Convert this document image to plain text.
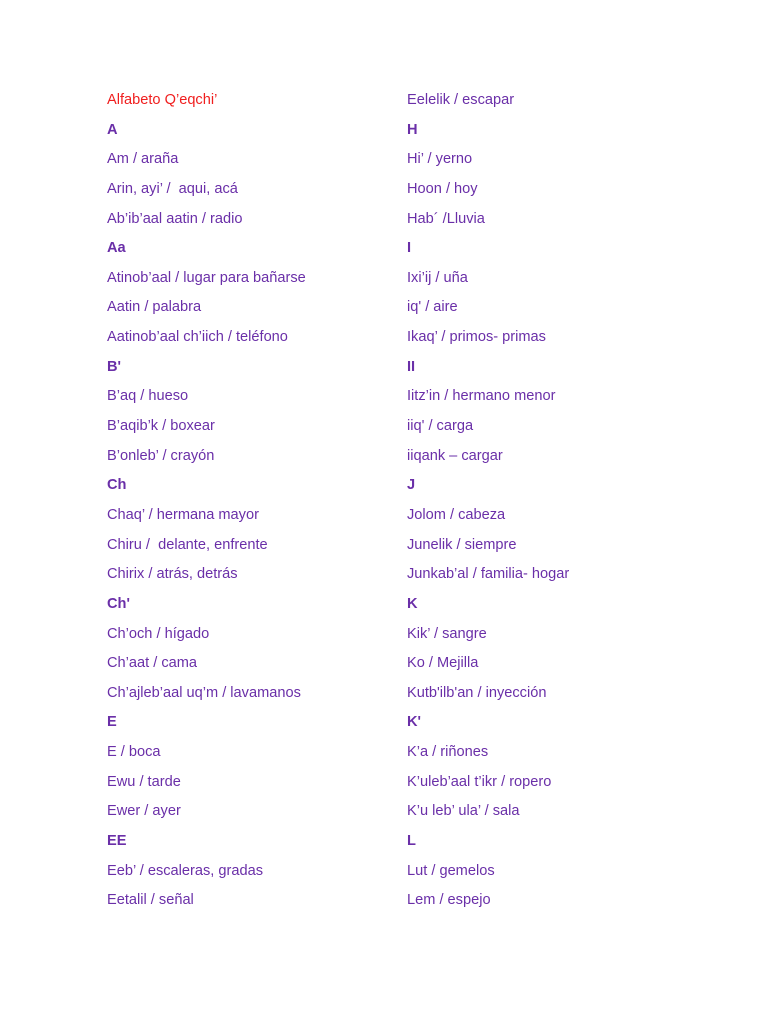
Alfabeto Q’eqchi’
A
Am / araña
Arin, ayi’ /  aqui, acá
Ab’ib’aal aatin / radio
Aa
Atinob’aal / lugar para bañarse
Aatin / palabra
Aatinob’aal ch’iich / teléfono
B'
B’aq / hueso
B’aqib’k / boxear
B’onleb’ / crayón
Ch
Chaq’ / hermana mayor
Chiru /  delante, enfrente
Chirix / atrás, detrás
Ch'
Ch’och / hígado
Ch’aat / cama
Ch’ajleb’aal uq’m / lavamanos
E
E / boca
Ewu / tarde
Ewer / ayer
EE
Eeb’ / escaleras, gradas
Eetalil / señal
Eelelik / escapar
H
Hi’ / yerno
Hoon / hoy
Hab´ /Lluvia
I
Ixi’ij / uña
iq' / aire
Ikaq’ / primos- primas
II
Iitz’in / hermano menor
iiq' / carga
iiqank – cargar
J
Jolom / cabeza
Junelik / siempre
Junkab’al / familia- hogar
K
Kik’ / sangre
Ko / Mejilla
Kutb'ilb'an / inyección
K'
K’a / riñones
K’uleb’aal t’ikr / ropero
K’u leb’ ula’ / sala
L
Lut / gemelos
Lem / espejo
